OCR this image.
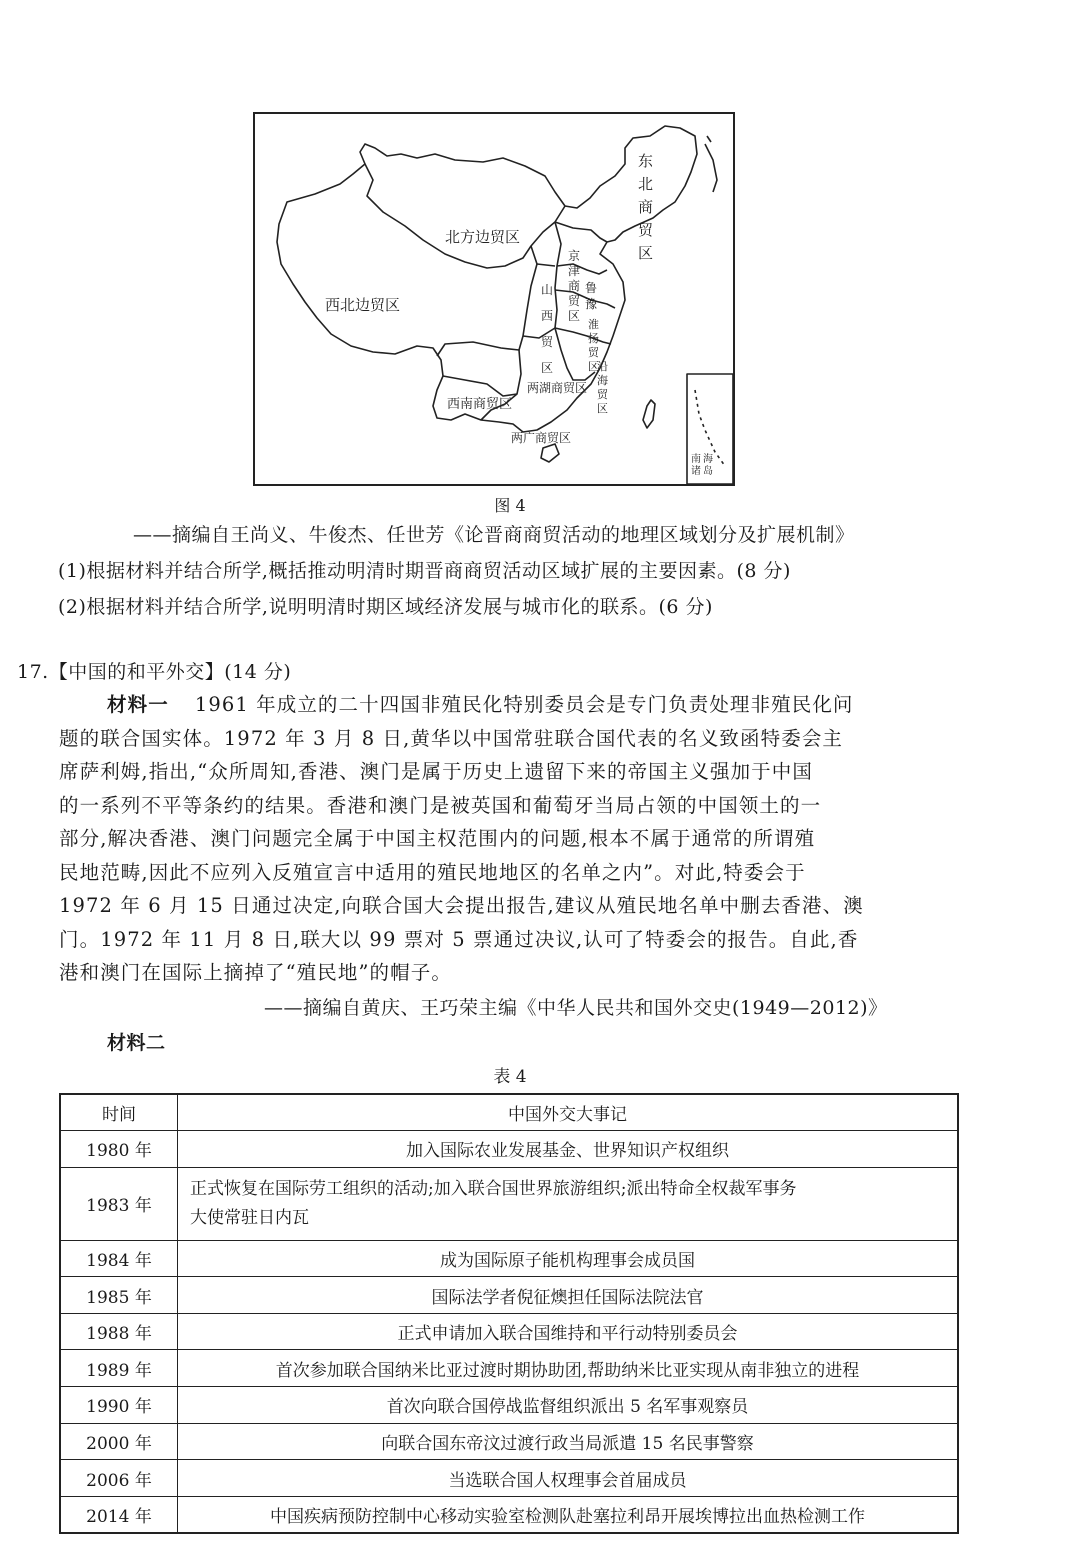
北方边贸区
西北边贸区
西南商贸区
两湖商贸区
两广商贸区
东
北
商
贸
区
京
津
商
贸
区
山
西
贸
区
淮
扬
贸
区
沿
海
贸
区
鲁
豫
南 海
诸 岛
图 4
——摘编自王尚义、牛俊杰、任世芳《论晋商商贸活动的地理区域划分及扩展机制》
(1)根据材料并结合所学,概括推动明清时期晋商商贸活动区域扩展的主要因素。(8 分)
(2)根据材料并结合所学,说明明清时期区域经济发展与城市化的联系。(6 分)
17.【中国的和平外交】(14 分)
材料一 1961 年成立的二十四国非殖民化特别委员会是专门负责处理非殖民化问
题的联合国实体。1972 年 3 月 8 日,黄华以中国常驻联合国代表的名义致函特委会主
席萨利姆,指出,“众所周知,香港、澳门是属于历史上遗留下来的帝国主义强加于中国
的一系列不平等条约的结果。香港和澳门是被英国和葡萄牙当局占领的中国领土的一
部分,解决香港、澳门问题完全属于中国主权范围内的问题,根本不属于通常的所谓殖
民地范畴,因此不应列入反殖宣言中适用的殖民地地区的名单之内”。对此,特委会于
1972 年 6 月 15 日通过决定,向联合国大会提出报告,建议从殖民地名单中删去香港、澳
门。1972 年 11 月 8 日,联大以 99 票对 5 票通过决议,认可了特委会的报告。自此,香
港和澳门在国际上摘掉了“殖民地”的帽子。
——摘编自黄庆、王巧荣主编《中华人民共和国外交史(1949—2012)》
材料二
表 4
时间	中国外交大事记
1980 年	加入国际农业发展基金、世界知识产权组织
1983 年	正式恢复在国际劳工组织的活动;加入联合国世界旅游组织;派出特命全权裁军事务
大使常驻日内瓦

1984 年	成为国际原子能机构理事会成员国
1985 年	国际法学者倪征燠担任国际法院法官
1988 年	正式申请加入联合国维持和平行动特别委员会
1989 年	首次参加联合国纳米比亚过渡时期协助团,帮助纳米比亚实现从南非独立的进程
1990 年	首次向联合国停战监督组织派出 5 名军事观察员
2000 年	向联合国东帝汶过渡行政当局派遣 15 名民事警察
2006 年	当选联合国人权理事会首届成员
2014 年	中国疾病预防控制中心移动实验室检测队赴塞拉利昂开展埃博拉出血热检测工作
